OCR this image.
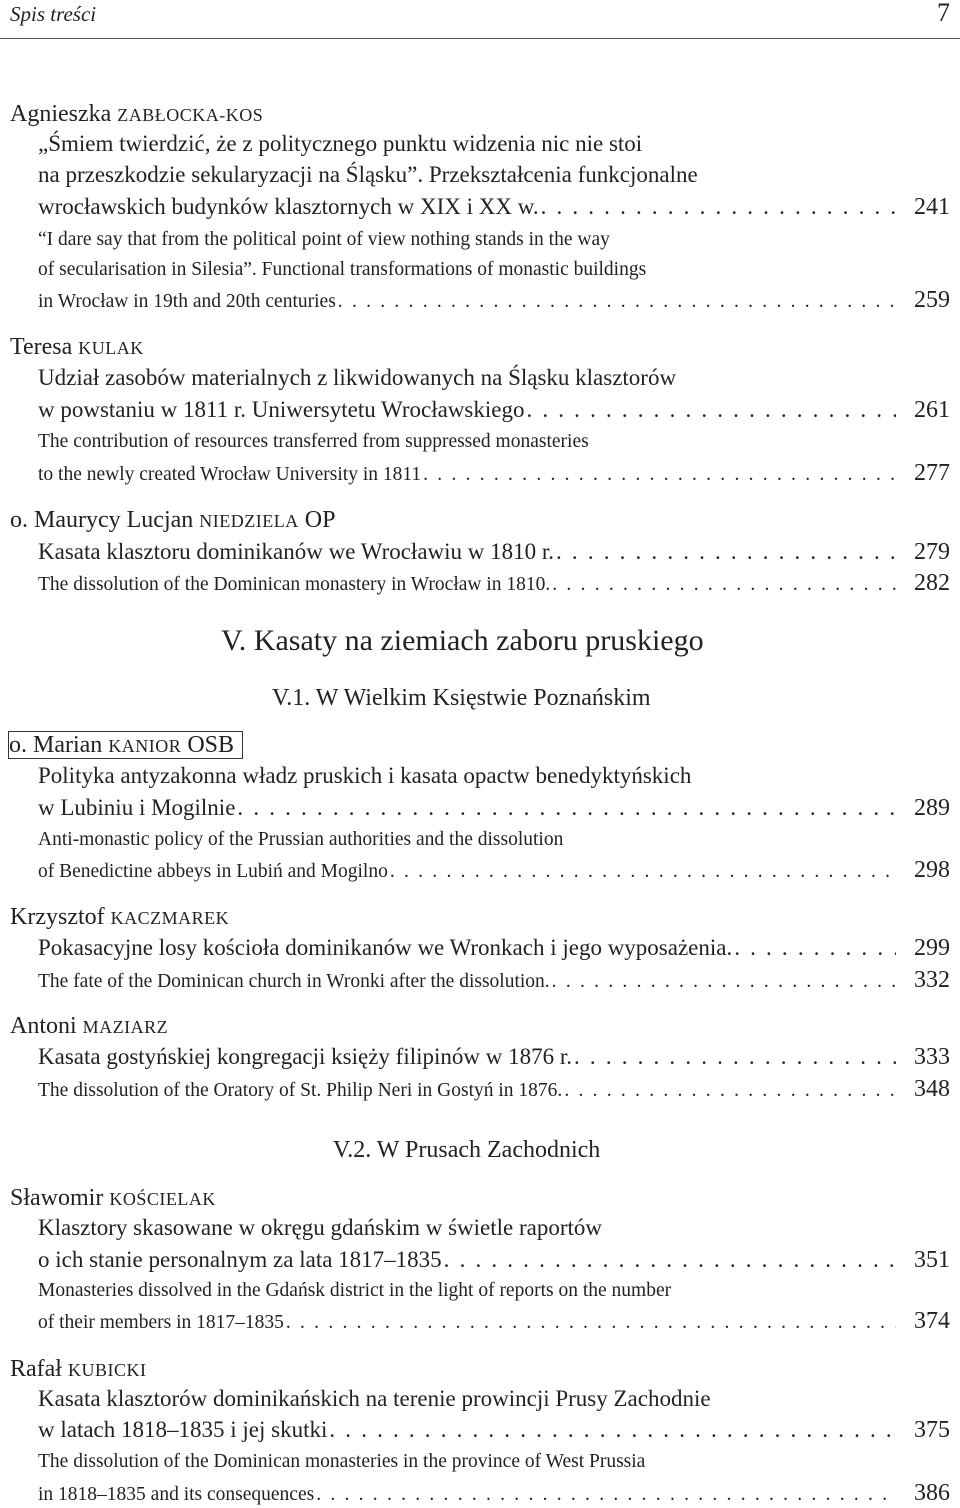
Spis treści	7
Agnieszka ZABŁOCKA-KOS
„Śmiem twierdzić, że z politycznego punktu widzenia nic nie stoi
na przeszkodzie sekularyzacji na Śląsku”. Przekształcenia funkcjonalne
wrocławskich budynków klasztornych w XIX i XX w. . . .	241
“I dare say that from the political point of view nothing stands in the way
of secularisation in Silesia”. Functional transformations of monastic buildings
in Wrocław in 19th and 20th centuries . . .	259
Teresa KULAK
Udział zasobów materialnych z likwidowanych na Śląsku klasztorów
w powstaniu w 1811 r. Uniwersytetu Wrocławskiego . . .	261
The contribution of resources transferred from suppressed monasteries
to the newly created Wrocław University in 1811 . . .	277
o. Maurycy Lucjan NIEDZIELA OP
Kasata klasztoru dominikanów we Wrocławiu w 1810 r. . . .	279
The dissolution of the Dominican monastery in Wrocław in 1810. . . .	282
V. Kasaty na ziemiach zaboru pruskiego
V.1. W Wielkim Księstwie Poznańskim
o. Marian KANIOR OSB
Polityka antyzakonna władz pruskich i kasata opactw benedyktyńskich
w Lubiniu i Mogilnie . . .	289
Anti-monastic policy of the Prussian authorities and the dissolution
of Benedictine abbeys in Lubiń and Mogilno . . .	298
Krzysztof KACZMAREK
Pokasacyjne losy kościoła dominikanów we Wronkach i jego wyposażenia. . . .	299
The fate of the Dominican church in Wronki after the dissolution. . . .	332
Antoni MAZIARZ
Kasata gostyńskiej kongregacji księży filipinów w 1876 r. . . .	333
The dissolution of the Oratory of St. Philip Neri in Gostyń in 1876. . . .	348
V.2. W Prusach Zachodnich
Sławomir KOŚCIELAK
Klasztory skasowane w okręgu gdańskim w świetle raportów
o ich stanie personalnym za lata 1817–1835 . . .	351
Monasteries dissolved in the Gdańsk district in the light of reports on the number
of their members in 1817–1835 . . .	374
Rafał KUBICKI
Kasata klasztorów dominikańskich na terenie prowincji Prusy Zachodnie
w latach 1818–1835 i jej skutki . . .	375
The dissolution of the Dominican monasteries in the province of West Prussia
in 1818–1835 and its consequences . . .	386
